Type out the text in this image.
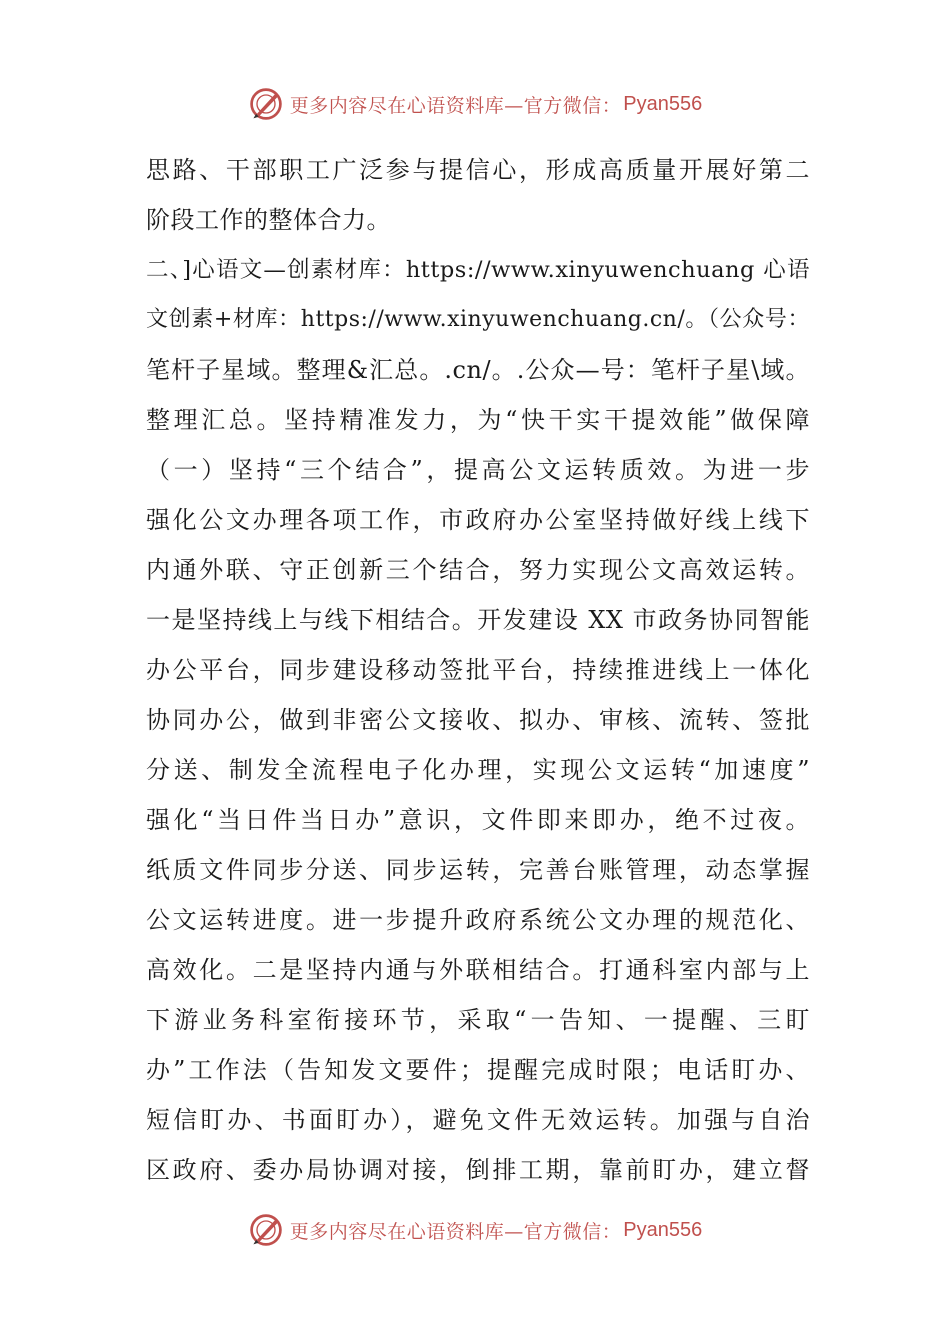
更多内容尽在心语资料库—官方微信： Pyan556
思路、干部职工广泛参与提信心，形成高质量开展好第二
阶段工作的整体合力。
二、]心语文—创素材库：https://www.xinyuwenchuang 心语
文创素+材库：https://www.xinyuwenchuang.cn/。（公众号：
笔杆子星域。整理&汇总。.cn/。.公众—号：笔杆子星\域。
整理汇总。坚持精准发力，为“快干实干提效能”做保障
（一）坚持“三个结合”，提高公文运转质效。为进一步
强化公文办理各项工作，市政府办公室坚持做好线上线下
内通外联、守正创新三个结合，努力实现公文高效运转。
一是坚持线上与线下相结合。开发建设 XX 市政务协同智能
办公平台，同步建设移动签批平台，持续推进线上一体化
协同办公，做到非密公文接收、拟办、审核、流转、签批
分送、制发全流程电子化办理，实现公文运转“加速度”
强化“当日件当日办”意识，文件即来即办，绝不过夜。
纸质文件同步分送、同步运转，完善台账管理，动态掌握
公文运转进度。进一步提升政府系统公文办理的规范化、
高效化。二是坚持内通与外联相结合。打通科室内部与上
下游业务科室衔接环节，采取“一告知、一提醒、三盯
办”工作法（告知发文要件；提醒完成时限；电话盯办、
短信盯办、书面盯办），避免文件无效运转。加强与自治
区政府、委办局协调对接，倒排工期，靠前盯办，建立督
更多内容尽在心语资料库—官方微信： Pyan556
